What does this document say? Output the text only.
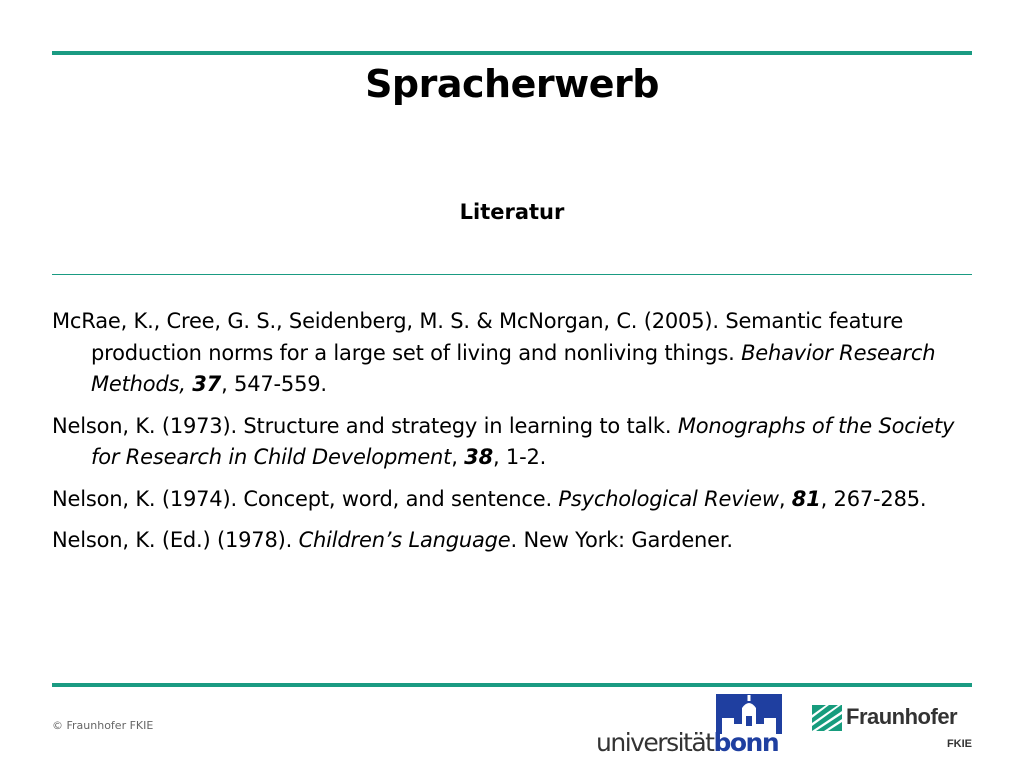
Spracherwerb
Literatur

McRae, K., Cree, G. S., Seidenberg, M. S. & McNorgan, C. (2005). Semantic feature production norms for a large set of living and nonliving things. Behavior Research Methods, 37, 547-559.

Nelson, K. (1973). Structure and strategy in learning to talk. Monographs of the Society for Research in Child Development, 38, 1-2.

Nelson, K. (1974). Concept, word, and sentence. Psychological Review, 81, 267-285.

Nelson, K. (Ed.) (1978). Children’s Language. New York: Gardener.

© Fraunhofer FKIE
universitätbonn
Fraunhofer
FKIE
